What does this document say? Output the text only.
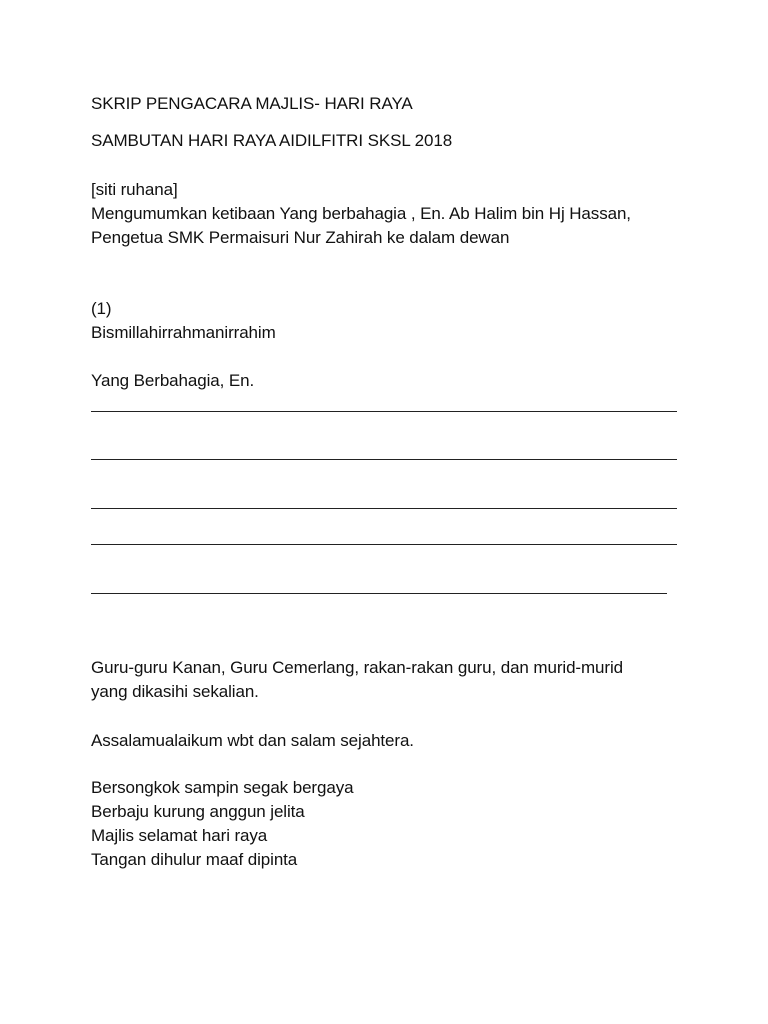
SKRIP PENGACARA MAJLIS- HARI RAYA
SAMBUTAN HARI RAYA AIDILFITRI SKSL 2018
[siti ruhana]
Mengumumkan ketibaan Yang berbahagia , En. Ab Halim bin Hj Hassan,
Pengetua SMK Permaisuri Nur Zahirah ke dalam dewan
(1)
Bismillahirrahmanirrahim
Yang Berbahagia, En.
Guru-guru Kanan, Guru Cemerlang, rakan-rakan guru, dan murid-murid
yang dikasihi sekalian.
Assalamualaikum wbt dan salam sejahtera.
Bersongkok sampin segak bergaya
Berbaju kurung anggun jelita
Majlis selamat hari raya
Tangan dihulur maaf dipinta
